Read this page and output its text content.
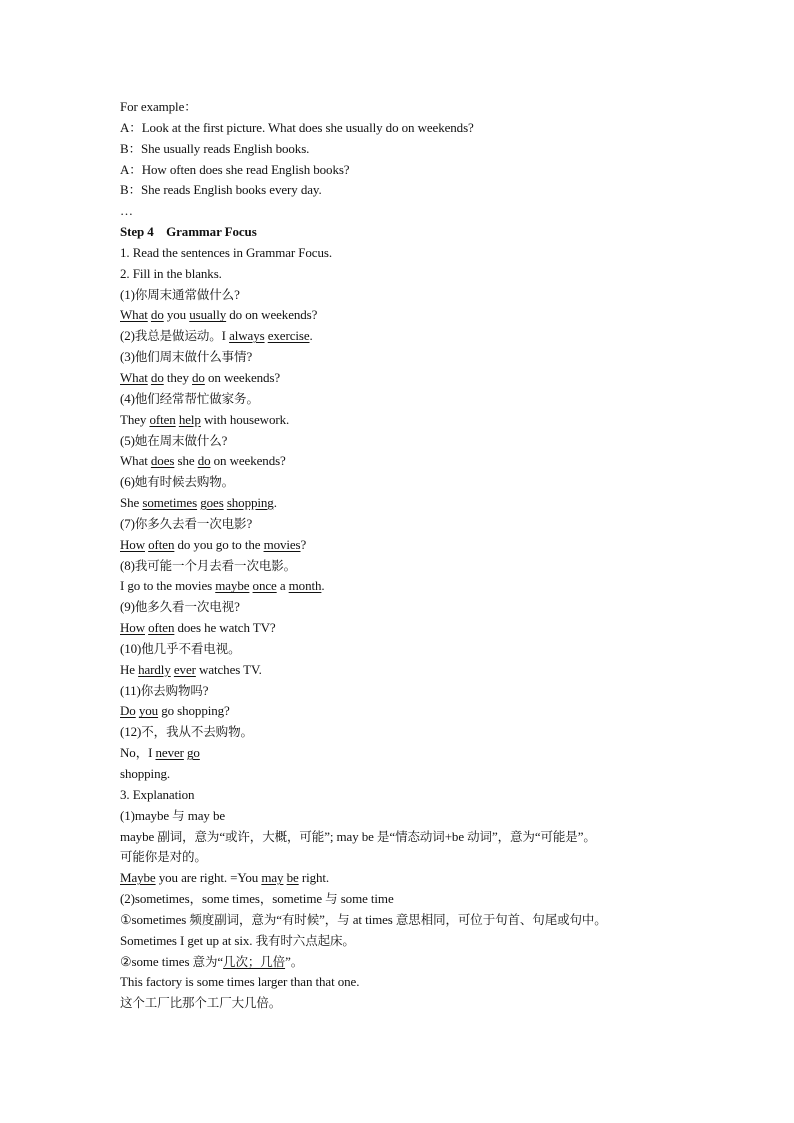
For example：
A：Look at the first picture. What does she usually do on weekends?
B：She usually reads English books.
A：How often does she read English books?
B：She reads English books every day.
…
Step 4　 Grammar Focus
1. Read the sentences in Grammar Focus.
2. Fill in the blanks.
(1)你周末通常做什么?
What do you usually do on weekends?
(2)我总是做运动。I always exercise.
(3)他们周末做什么事情?
What do they do on weekends?
(4)他们经常帮忙做家务。
They often help with housework.
(5)她在周末做什么?
What does she do on weekends?
(6)她有时候去购物。
She sometimes goes shopping.
(7)你多久去看一次电影?
How often do you go to the movies?
(8)我可能一个月去看一次电影。
I go to the movies maybe once a month.
(9)他多久看一次电视?
How often does he watch TV?
(10)他几乎不看电视。
He hardly ever watches TV.
(11)你去购物吗?
Do you go shopping?
(12)不，我从不去购物。
No，I never go
shopping.
3. Explanation
(1)maybe 与 may be
maybe 副词，意为“或许，大概，可能”; may be 是“情态动词+be 动词”，意为“可能是”。
可能你是对的。
Maybe you are right. =You may be right.
(2)sometimes，some times，sometime 与 some time
①sometimes 频度副词，意为“有时候”，与 at times 意思相同，可位于句首、句尾或句中。
Sometimes I get up at six. 我有时六点起床。
②some times 意为“几次；几倍”。
This factory is some times larger than that one.
这个工厂比那个工厂大几倍。
